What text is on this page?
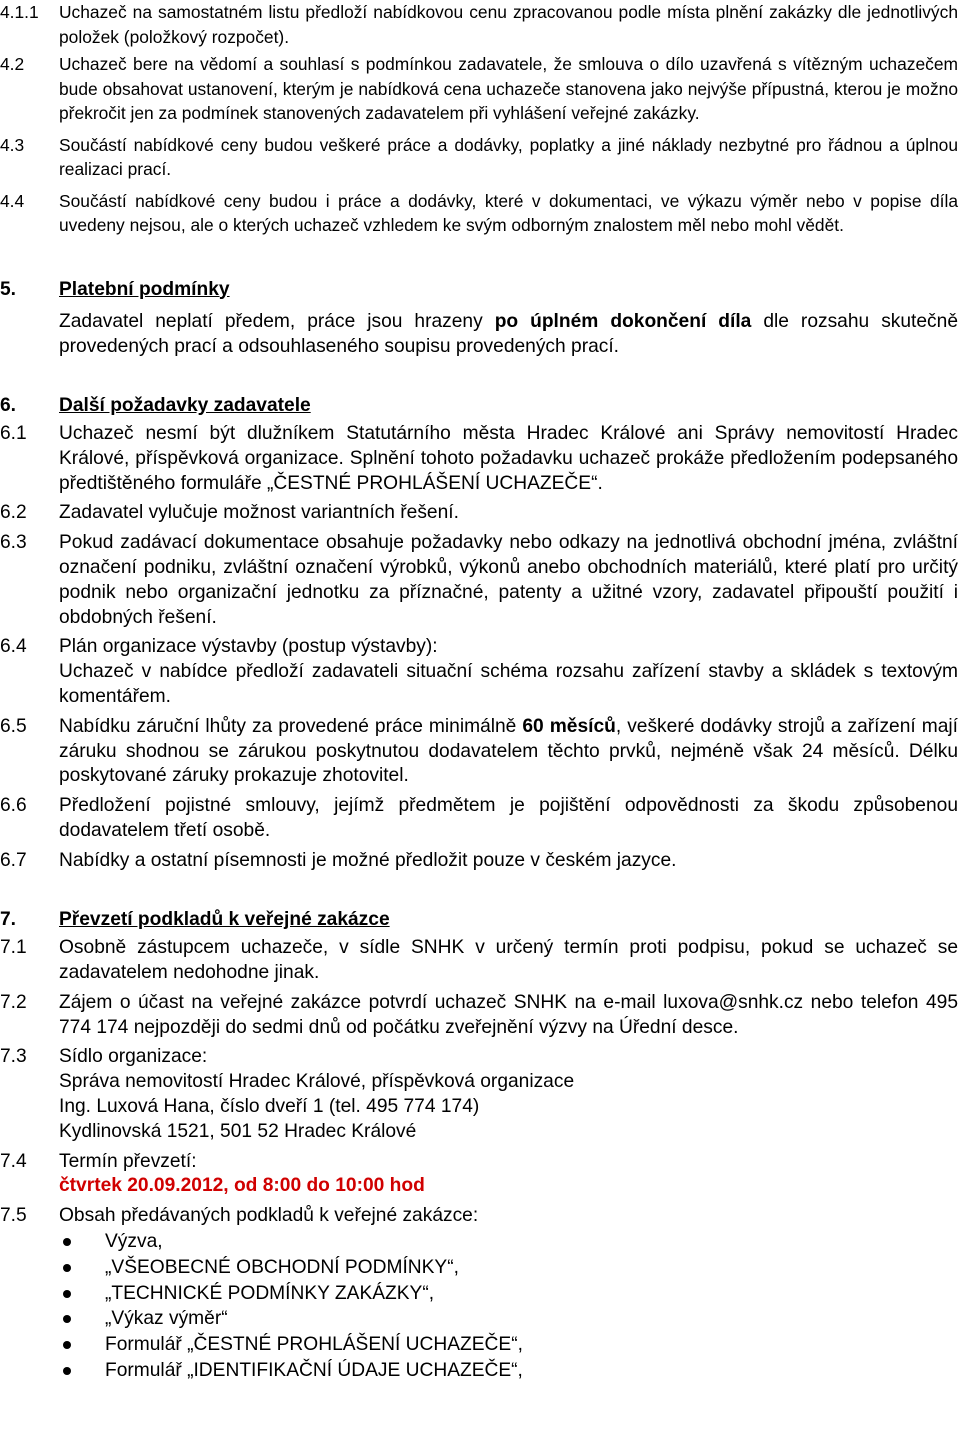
4.1.1	Uchazeč na samostatném listu předloží nabídkovou cenu zpracovanou podle místa plnění zakázky dle jednotlivých položek (položkový rozpočet).
4.2	Uchazeč bere na vědomí a souhlasí s podmínkou zadavatele, že smlouva o dílo uzavřená s vítězným uchazečem bude obsahovat ustanovení, kterým je nabídková cena uchazeče stanovena jako nejvýše přípustná, kterou je možno překročit jen za podmínek stanovených zadavatelem při vyhlášení veřejné zakázky.
4.3	Součástí nabídkové ceny budou veškeré práce a dodávky, poplatky a jiné náklady nezbytné pro řádnou a úplnou realizaci prací.
4.4	Součástí nabídkové ceny budou i práce a dodávky, které v dokumentaci, ve výkazu výměr nebo v popise díla uvedeny nejsou, ale o kterých uchazeč vzhledem ke svým odborným znalostem měl nebo mohl vědět.
5.	Platební podmínky
Zadavatel neplatí předem, práce jsou hrazeny po úplném dokončení díla dle rozsahu skutečně provedených prací a odsouhlaseného soupisu provedených prací.
6.	Další požadavky zadavatele
6.1	Uchazeč nesmí být dlužníkem Statutárního města Hradec Králové ani Správy nemovitostí Hradec Králové, příspěvková organizace. Splnění tohoto požadavku uchazeč prokáže předložením podepsaného předtištěného formuláře „ČESTNÉ PROHLÁŠENÍ UCHAZEČE“.
6.2	Zadavatel vylučuje možnost variantních řešení.
6.3	Pokud zadávací dokumentace obsahuje požadavky nebo odkazy na jednotlivá obchodní jména, zvláštní označení podniku, zvláštní označení výrobků, výkonů anebo obchodních materiálů, které platí pro určitý podnik nebo organizační jednotku za příznačné, patenty a užitné vzory, zadavatel připouští použití i obdobných řešení.
6.4	Plán organizace výstavby (postup výstavby):

Uchazeč v nabídce předloží zadavateli situační schéma rozsahu zařízení stavby a skládek s textovým komentářem.

6.5	Nabídku záruční lhůty za provedené práce minimálně 60 měsíců, veškeré dodávky strojů a zařízení mají záruku shodnou se zárukou poskytnutou dodavatelem těchto prvků, nejméně však 24 měsíců. Délku poskytované záruky prokazuje zhotovitel.
6.6	Předložení pojistné smlouvy, jejímž předmětem je pojištění odpovědnosti za škodu způsobenou dodavatelem třetí osobě.
6.7	Nabídky a ostatní písemnosti je možné předložit pouze v českém jazyce.
7.	Převzetí podkladů k veřejné zakázce
7.1	Osobně zástupcem uchazeče, v sídle SNHK v určený termín proti podpisu, pokud se uchazeč se zadavatelem nedohodne jinak.
7.2	Zájem o účast na veřejné zakázce potvrdí uchazeč SNHK na e-mail luxova@snhk.cz nebo telefon 495 774 174 nejpozději do sedmi dnů od počátku zveřejnění výzvy na Úřední desce.
7.3	Sídlo organizace:

Správa nemovitostí Hradec Králové, příspěvková organizace

Ing. Luxová Hana, číslo dveří 1 (tel. 495 774 174)

Kydlinovská 1521, 501 52 Hradec Králové

7.4	Termín převzetí:

čtvrtek 20.09.2012, od 8:00 do 10:00 hod

7.5	Obsah předávaných podkladů k veřejné zakázce:

Výzva,
„VŠEOBECNÉ OBCHODNÍ PODMÍNKY“,
„TECHNICKÉ PODMÍNKY ZAKÁZKY“,
„Výkaz výměr“
Formulář „ČESTNÉ PROHLÁŠENÍ UCHAZEČE“,
Formulář „IDENTIFIKAČNÍ ÚDAJE UCHAZEČE“,
